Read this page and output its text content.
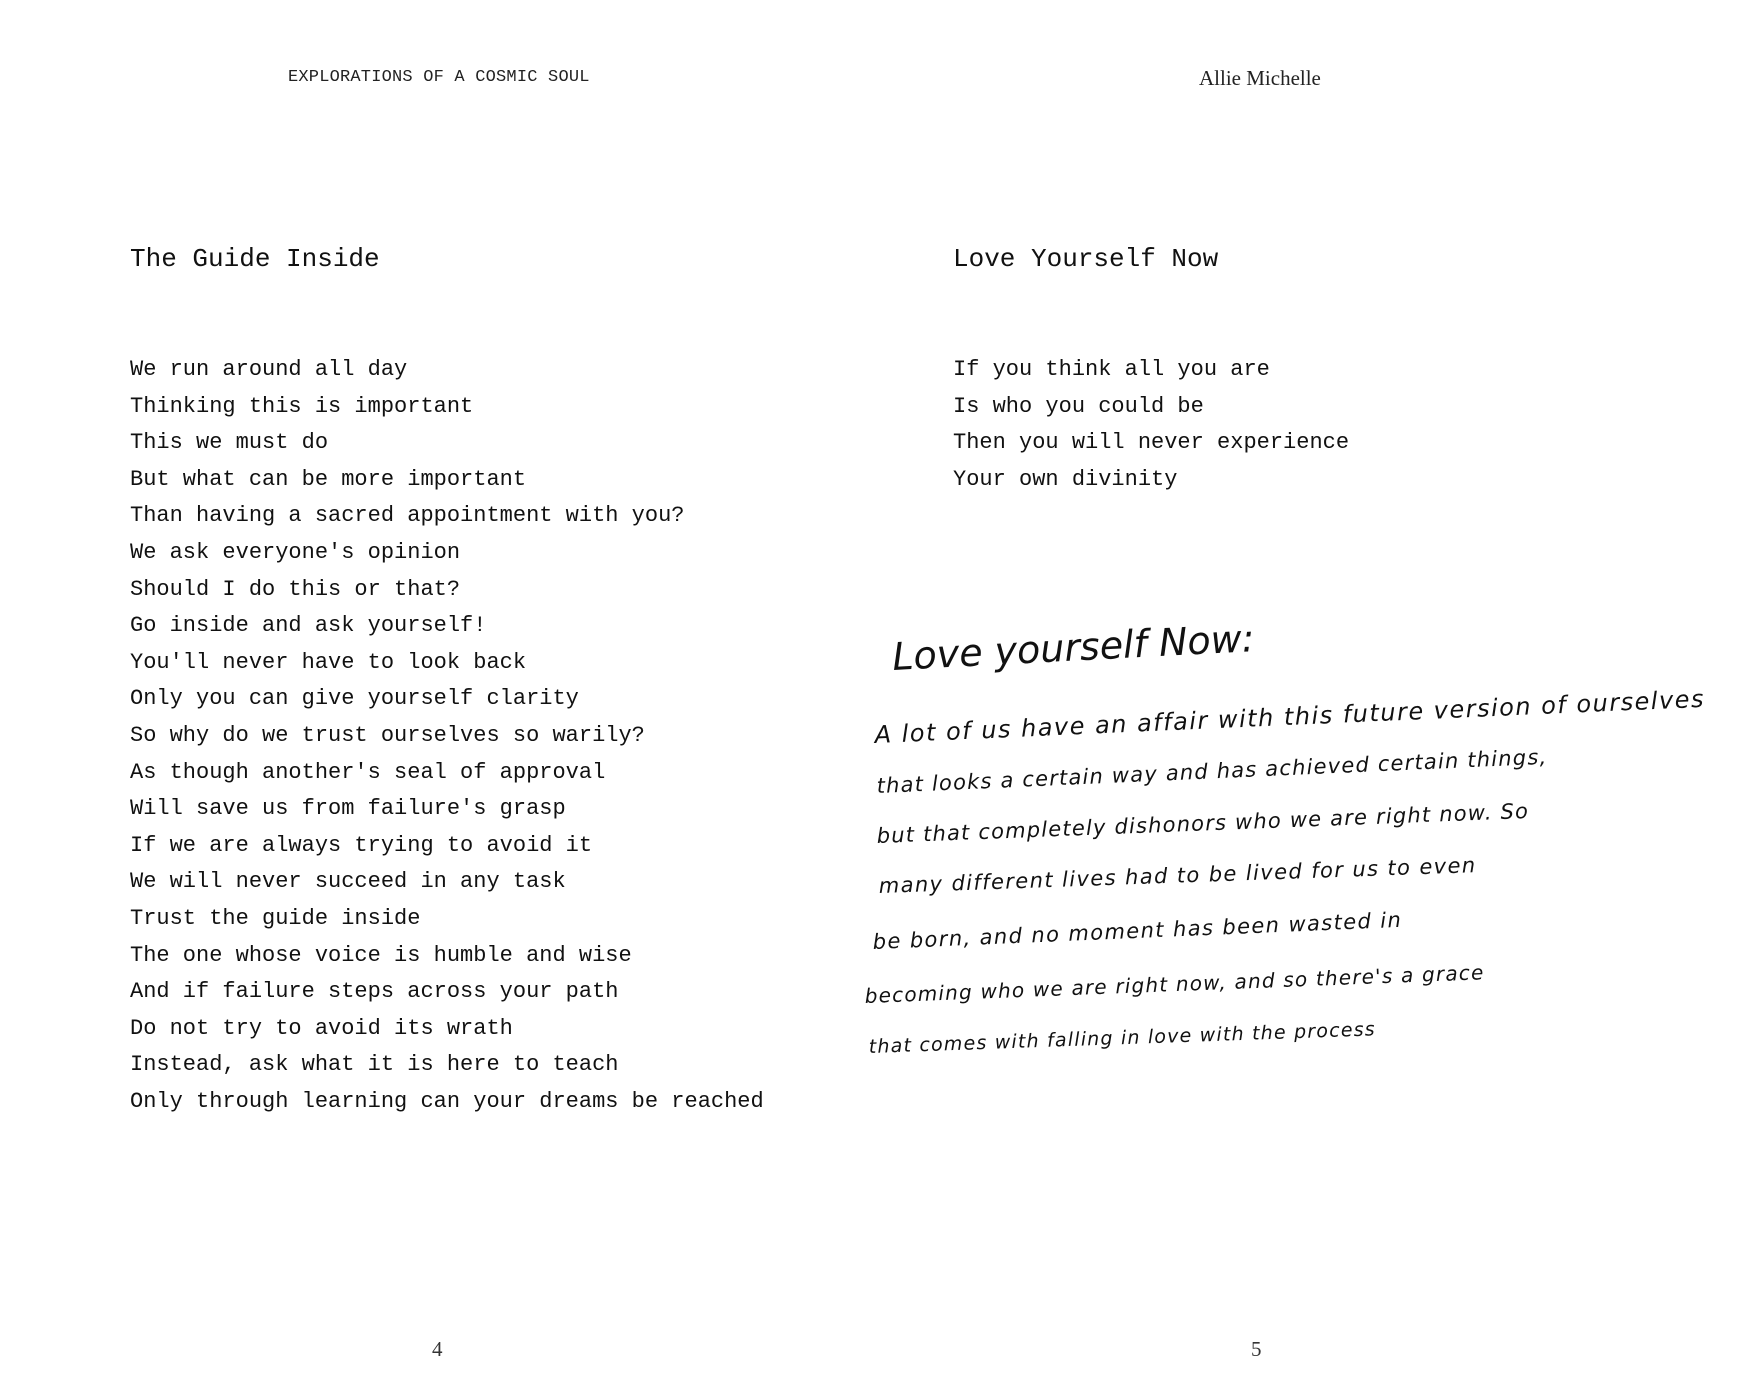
EXPLORATIONS OF A COSMIC SOUL
The Guide Inside
We run around all day
Thinking this is important
This we must do
But what can be more important
Than having a sacred appointment with you?
We ask everyone's opinion
Should I do this or that?
Go inside and ask yourself!
You'll never have to look back
Only you can give yourself clarity
So why do we trust ourselves so warily?
As though another's seal of approval
Will save us from failure's grasp
If we are always trying to avoid it
We will never succeed in any task
Trust the guide inside
The one whose voice is humble and wise
And if failure steps across your path
Do not try to avoid its wrath
Instead, ask what it is here to teach
Only through learning can your dreams be reached
4
Allie Michelle
Love Yourself Now
If you think all you are
Is who you could be
Then you will never experience
Your own divinity
Love yourself Now:
A lot of us have an affair with this future version of ourselves
that looks a certain way and has achieved certain things,
but that completely dishonors who we are right now. So
many different lives had to be lived for us to even
be born, and no moment has been wasted in
becoming who we are right now, and so there's a grace
that comes with falling in love with the process
5
